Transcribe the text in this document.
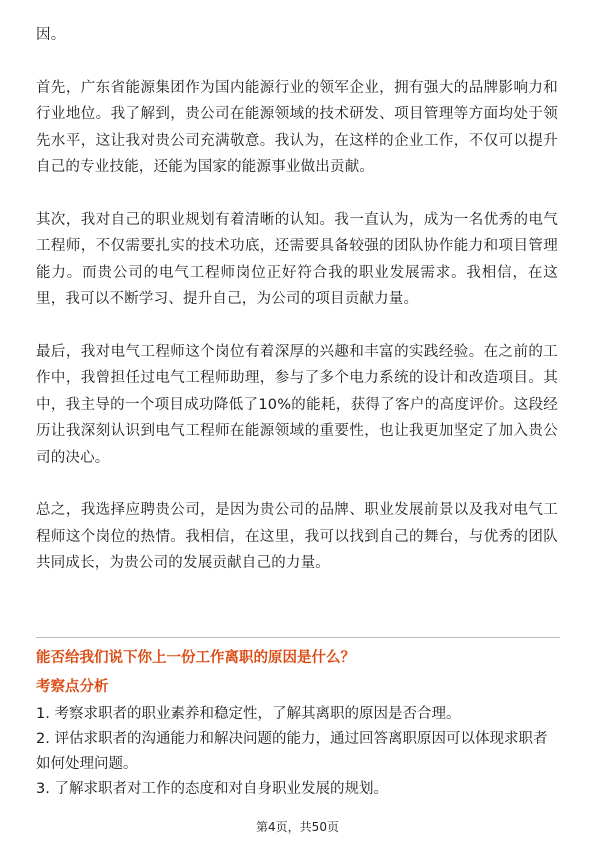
因。

首先，广东省能源集团作为国内能源行业的领军企业，拥有强大的品牌影响力和行业地位。我了解到，贵公司在能源领域的技术研发、项目管理等方面均处于领先水平，这让我对贵公司充满敬意。我认为，在这样的企业工作，不仅可以提升自己的专业技能，还能为国家的能源事业做出贡献。

其次，我对自己的职业规划有着清晰的认知。我一直认为，成为一名优秀的电气工程师，不仅需要扎实的技术功底，还需要具备较强的团队协作能力和项目管理能力。而贵公司的电气工程师岗位正好符合我的职业发展需求。我相信，在这里，我可以不断学习、提升自己，为公司的项目贡献力量。

最后，我对电气工程师这个岗位有着深厚的兴趣和丰富的实践经验。在之前的工作中，我曾担任过电气工程师助理，参与了多个电力系统的设计和改造项目。其中，我主导的一个项目成功降低了10%的能耗，获得了客户的高度评价。这段经历让我深刻认识到电气工程师在能源领域的重要性，也让我更加坚定了加入贵公司的决心。

总之，我选择应聘贵公司，是因为贵公司的品牌、职业发展前景以及我对电气工程师这个岗位的热情。我相信，在这里，我可以找到自己的舞台，与优秀的团队共同成长，为贵公司的发展贡献自己的力量。

能否给我们说下你上一份工作离职的原因是什么？

考察点分析

1. 考察求职者的职业素养和稳定性，了解其离职的原因是否合理。

2. 评估求职者的沟通能力和解决问题的能力，通过回答离职原因可以体现求职者如何处理问题。

3. 了解求职者对工作的态度和对自身职业发展的规划。

第4页，共50页
